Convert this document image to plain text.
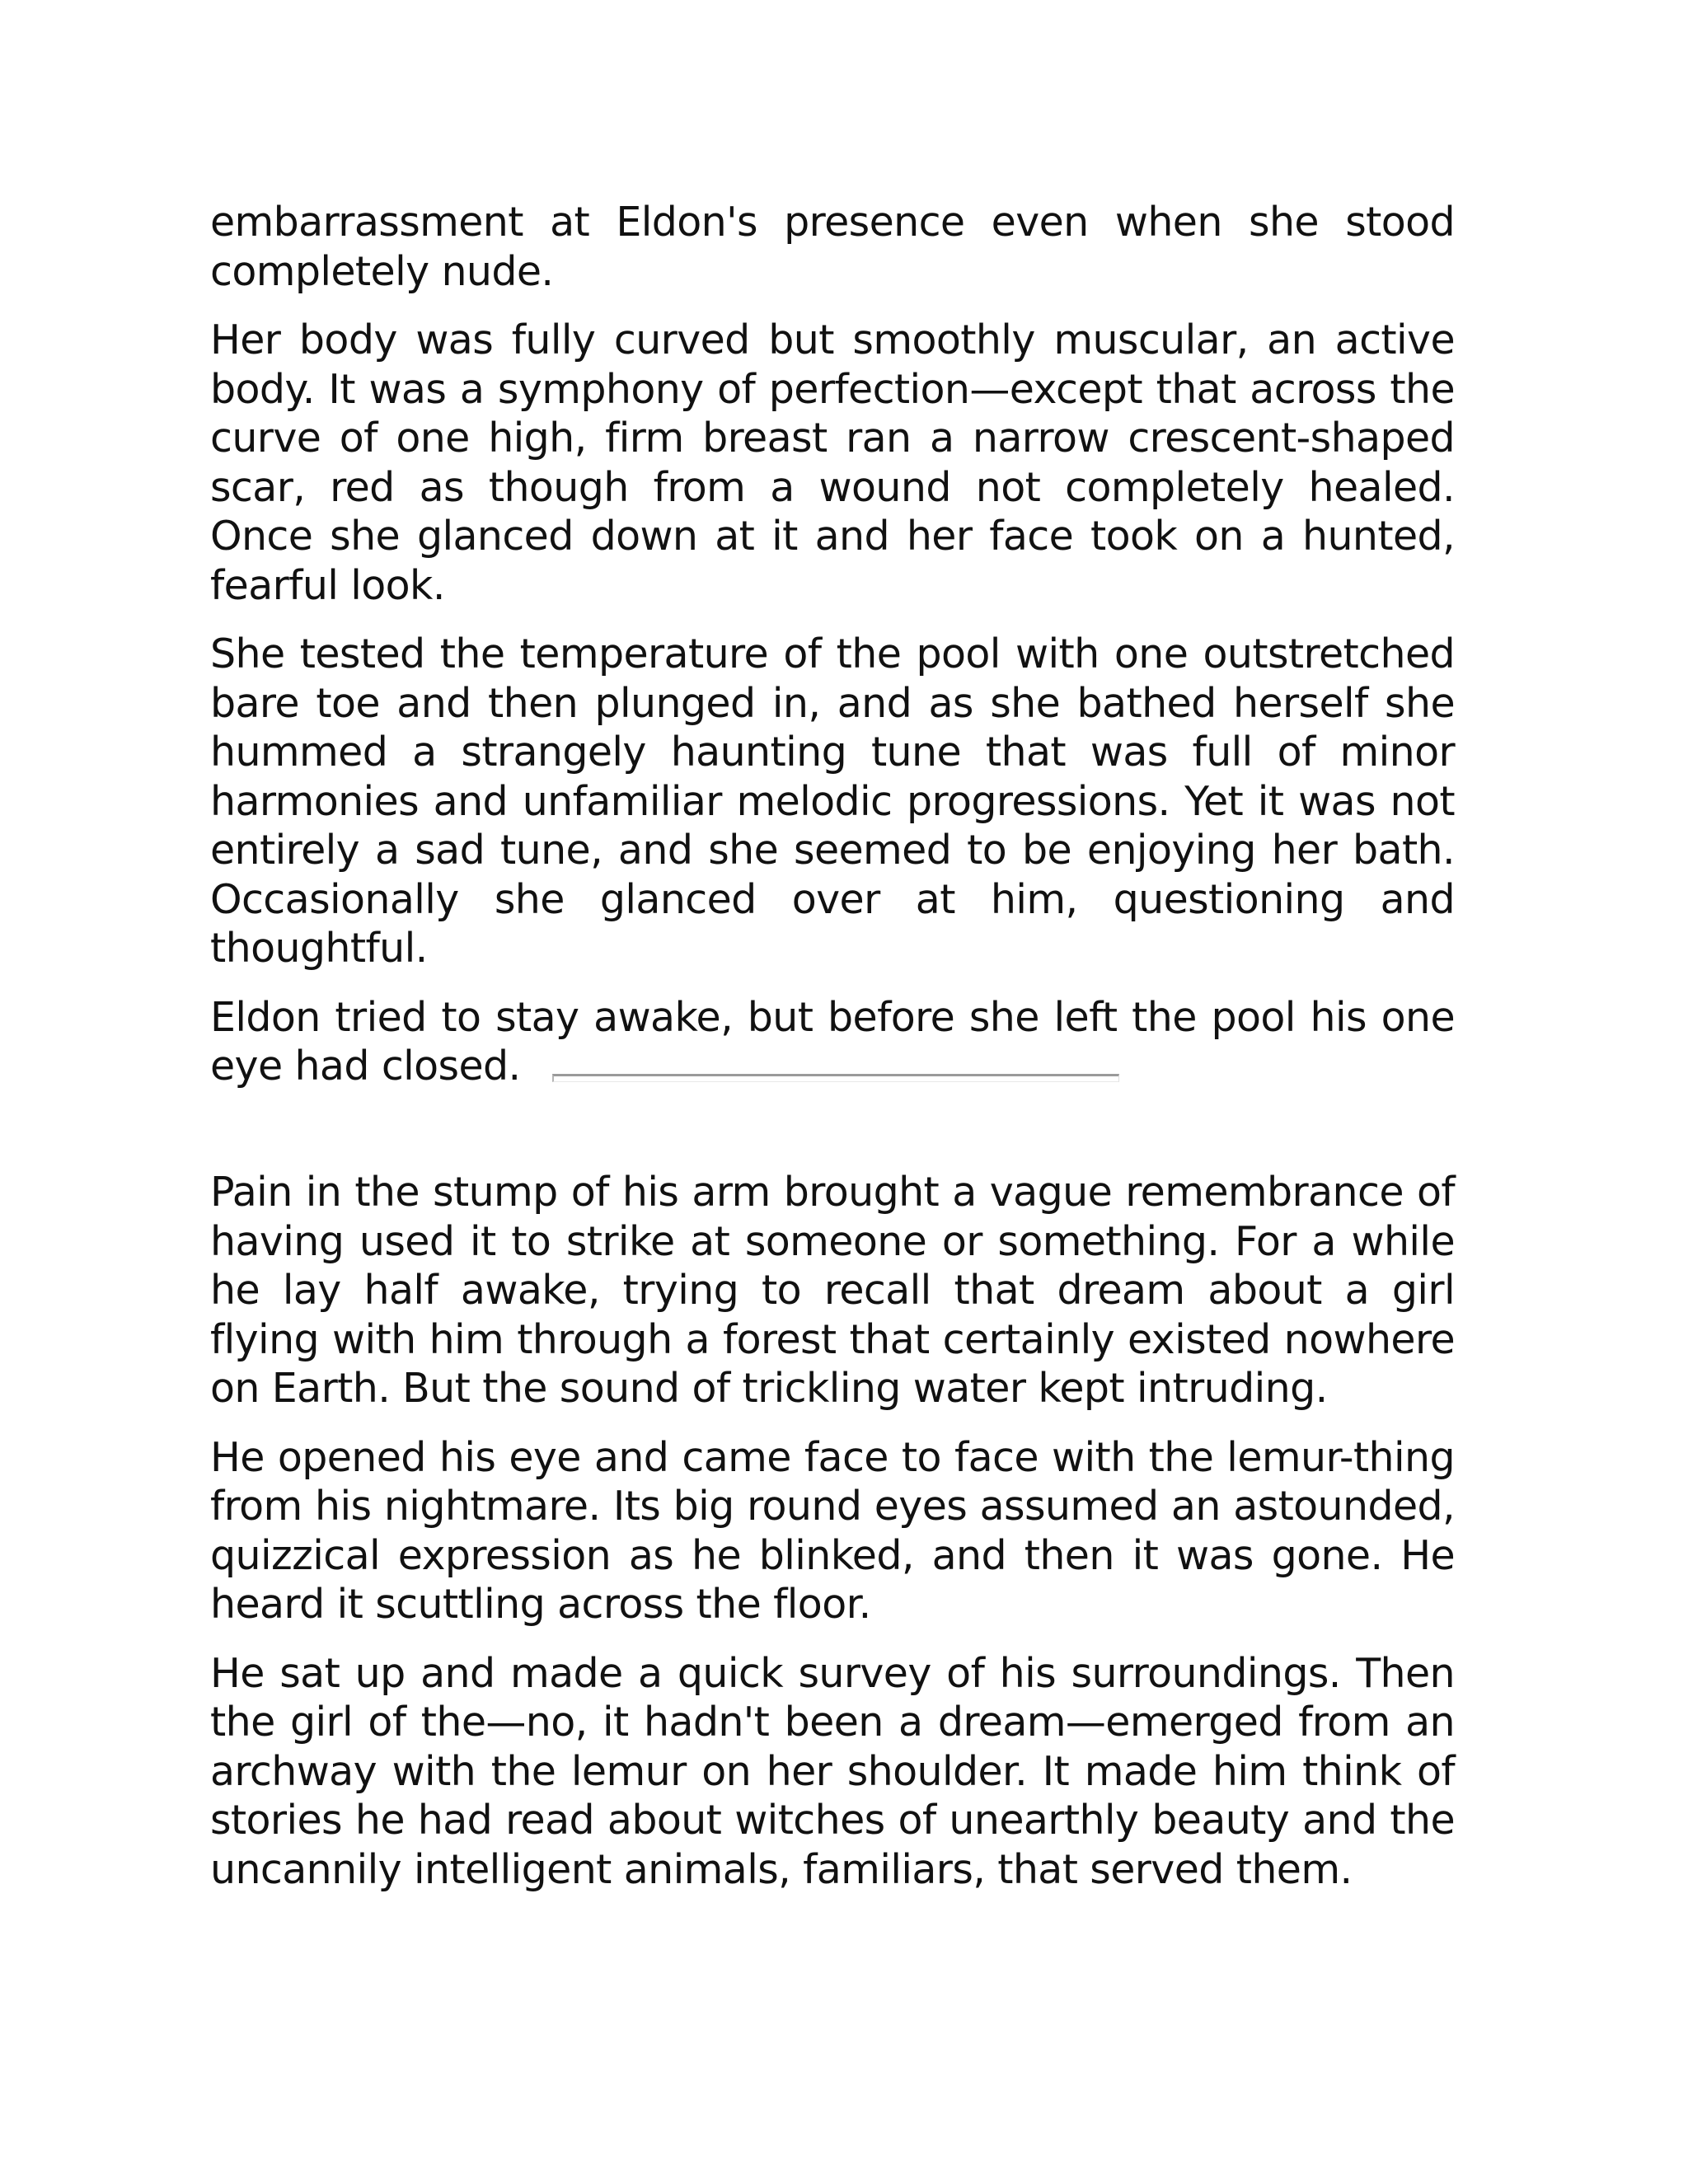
embarrassment at Eldon's presence even when she stood completely nude.

Her body was fully curved but smoothly muscular, an active body. It was a symphony of perfection—except that across the curve of one high, firm breast ran a narrow crescent-shaped scar, red as though from a wound not completely healed. Once she glanced down at it and her face took on a hunted, fearful look.

She tested the temperature of the pool with one outstretched bare toe and then plunged in, and as she bathed herself she hummed a strangely haunting tune that was full of minor harmonies and unfamiliar melodic progressions. Yet it was not entirely a sad tune, and she seemed to be enjoying her bath. Occasionally she glanced over at him, questioning and thoughtful.

Eldon tried to stay awake, but before she left the pool his one eye had closed.

Pain in the stump of his arm brought a vague remembrance of having used it to strike at someone or something. For a while he lay half awake, trying to recall that dream about a girl flying with him through a forest that certainly existed nowhere on Earth. But the sound of trickling water kept intruding.

He opened his eye and came face to face with the lemur-thing from his nightmare. Its big round eyes assumed an astounded, quizzical expression as he blinked, and then it was gone. He heard it scuttling across the floor.

He sat up and made a quick survey of his surroundings. Then the girl of the—no, it hadn't been a dream—emerged from an archway with the lemur on her shoulder. It made him think of stories he had read about witches of unearthly beauty and the uncannily intelligent animals, familiars, that served them.
